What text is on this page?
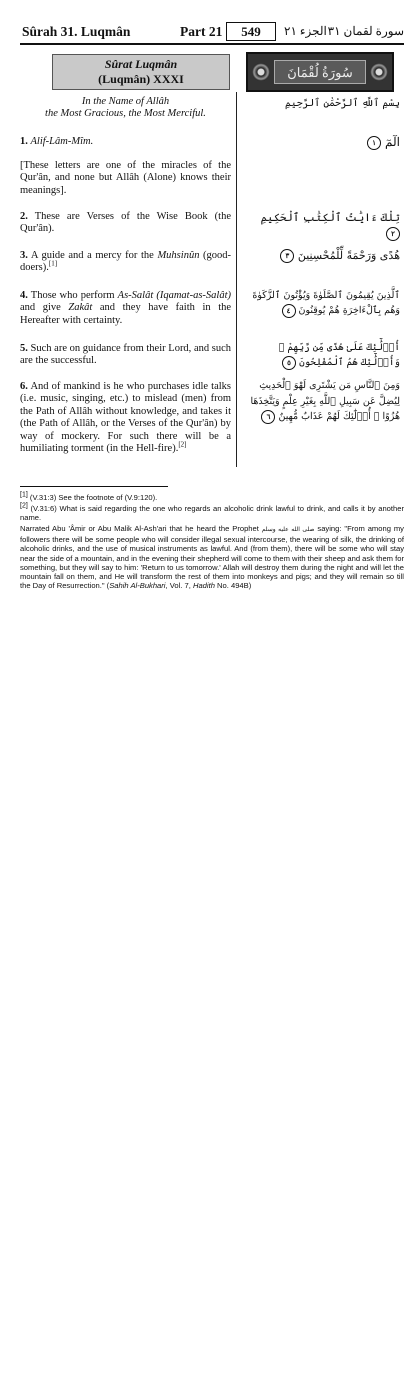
Sûrah 31. Luqmân	Part 21	549	الجزء ٢١ سورة لقمان ٣١
Sûrat Luqmân
(Luqmân) XXXI	سُورَةُ لُقْمَانَ
In the Name of Allâh
the Most Gracious, the Most Merciful.
1. Alif-Lâm-Mîm.
[These letters are one of the miracles of the Qur'ân, and none but Allâh (Alone) knows their meanings].
2. These are Verses of the Wise Book (the Qur'ân).
3. A guide and a mercy for the Muhsinûn (good-doers).[1]
4. Those who perform As-Salât (Iqamat-as-Salât) and give Zakât and they have faith in the Hereafter with certainty.
5. Such are on guidance from their Lord, and such are the successful.
6. And of mankind is he who purchases idle talks (i.e. music, singing, etc.) to mislead (men) from the Path of Allâh without knowledge, and takes it (the Path of Allâh, or the Verses of the Qur'ân) by way of mockery. For such there will be a humiliating torment (in the Hell-fire).[2]
بِسْمِ ٱللَّهِ ٱلرَّحْمَٰنِ ٱلرَّحِيمِ
الٓمٓ ١
تِلْكَ ءَايَٰتُ ٱلْكِتَٰبِ ٱلْحَكِيمِ ٢
هُدًى وَرَحْمَةً لِّلْمُحْسِنِينَ ٣
ٱلَّذِينَ يُقِيمُونَ ٱلصَّلَوٰةَ وَيُؤْتُونَ ٱلزَّكَوٰةَ وَهُم بِٱلْءَاخِرَةِ هُمْ يُوقِنُونَ ٤
أُو۟لَٰٓئِكَ عَلَىٰ هُدًى مِّن رَّبِّهِمْ ۖ وَأُو۟لَٰٓئِكَ هُمُ ٱلْمُفْلِحُونَ ٥
وَمِنَ ٱلنَّاسِ مَن يَشْتَرِى لَهْوَ ٱلْحَدِيثِ لِيُضِلَّ عَن سَبِيلِ ٱللَّهِ بِغَيْرِ عِلْمٍ وَيَتَّخِذَهَا هُزُوًا ۚ أُو۟لَٰٓئِكَ لَهُمْ عَذَابٌ مُّهِينٌ ٦
[1] (V.31:3) See the footnote of (V.9:120).
[2] (V.31:6) What is said regarding the one who regards an alcoholic drink lawful to drink, and calls it by another name.
Narrated Abu 'Âmir or Abu Malik Al-Ash'ari that he heard the Prophet صلى الله عليه وسلم saying: "From among my followers there will be some people who will consider illegal sexual intercourse, the wearing of silk, the drinking of alcoholic drinks, and the use of musical instruments as lawful. And (from them), there will be some who will stay near the side of a mountain, and in the evening their shepherd will come to them with their sheep and ask them for something, but they will say to him: 'Return to us tomorrow.' Allah will destroy them during the night and will let the mountain fall on them, and He will transform the rest of them into monkeys and pigs; and they will remain so till the Day of Resurrection." (Sahih Al-Bukhari, Vol. 7, Hadith No. 494B)
